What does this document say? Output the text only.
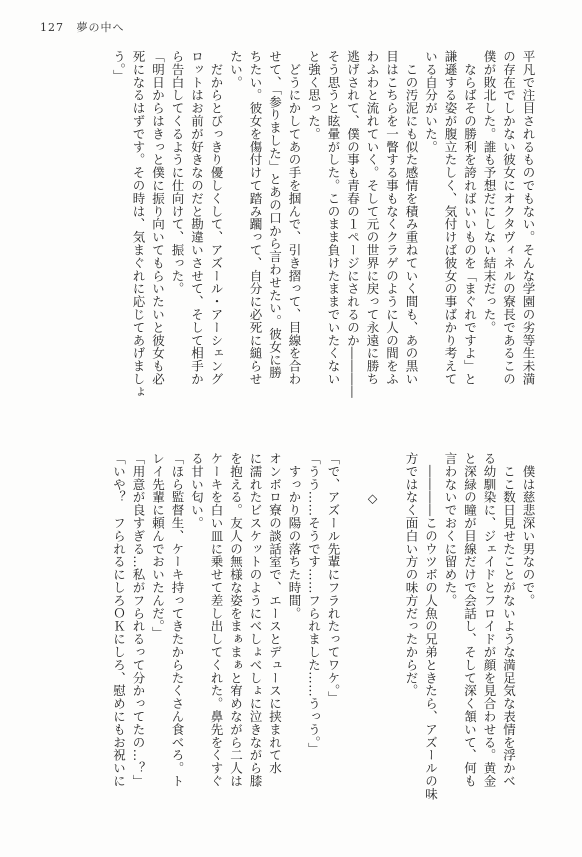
127 夢の中へ
平凡で注目されるものでもない。そんな学園の劣等生未満
の存在でしかない彼女にオクタヴィネルの寮長であるこの
僕が敗北した。誰も予想だにしない結末だった。
　ならばその勝利を誇ればいいものを「まぐれですよ」と
謙遜する姿が腹立たしく、気付けば彼女の事ばかり考えて
いる自分がいた。
　この汚泥にも似た感情を積み重ねていく間も、あの黒い
目はこちらを一瞥する事もなくクラゲのように人の間をふ
わふわと流れていく。そして元の世界に戻って永遠に勝ち
逃げされて、僕の事も青春の１ページにされるのか――――
そう思うと眩暈がした。このまま負けたままでいたくない
と強く思った。
　どうにかしてあの手を掴んで、引き摺って、目線を合わ
せて、「参りました」とあの口から言わせたい。彼女に勝
ちたい。彼女を傷付けて踏み躙って、自分に必死に縋らせ
たい。
　だからとびっきり優しくして、アズール・アーシェング
ロットはお前が好きなのだと勘違いさせて、そして相手か
ら告白してくるように仕向けて、振った。
「明日からはきっと僕に振り向いてもらいたいと彼女も必
死になるはずです。その時は、気まぐれに応じてあげましょ
う。」
　僕は慈悲深い男なので。
　ここ数日見せたことがないような満足気な表情を浮かべ
る幼馴染に、ジェイドとフロイドが顔を見合わせる。黄金
と深緑の瞳が目線だけで会話し、そして深く頷いて、何も
言わないでおくに留めた。
　――――このウツボの人魚の兄弟ときたら、アズールの味
方ではなく面白い方の味方だったからだ。

　　　◇

「で、アズール先輩にフラれたってワケ。」
「うう……そうです……フられました……うっう。」
　すっかり陽の落ちた時間。
オンボロ寮の談話室で、エースとデュースに挟まれて水
に濡れたビスケットのようにべしょべしょに泣きながら膝
を抱える。友人の無様な姿をまぁまぁと宥めながら二人は
ケーキを白い皿に乗せて差し出してくれた。鼻先をくすぐ
る甘い匂い。
「ほら監督生、ケーキ持ってきたからたくさん食べろ。ト
レイ先輩に頼んでおいたんだ。」
「用意が良すぎる…私がフられるって分かってたの…？」
「いや？　フられるにしろＯＫにしろ、慰めにもお祝いに
